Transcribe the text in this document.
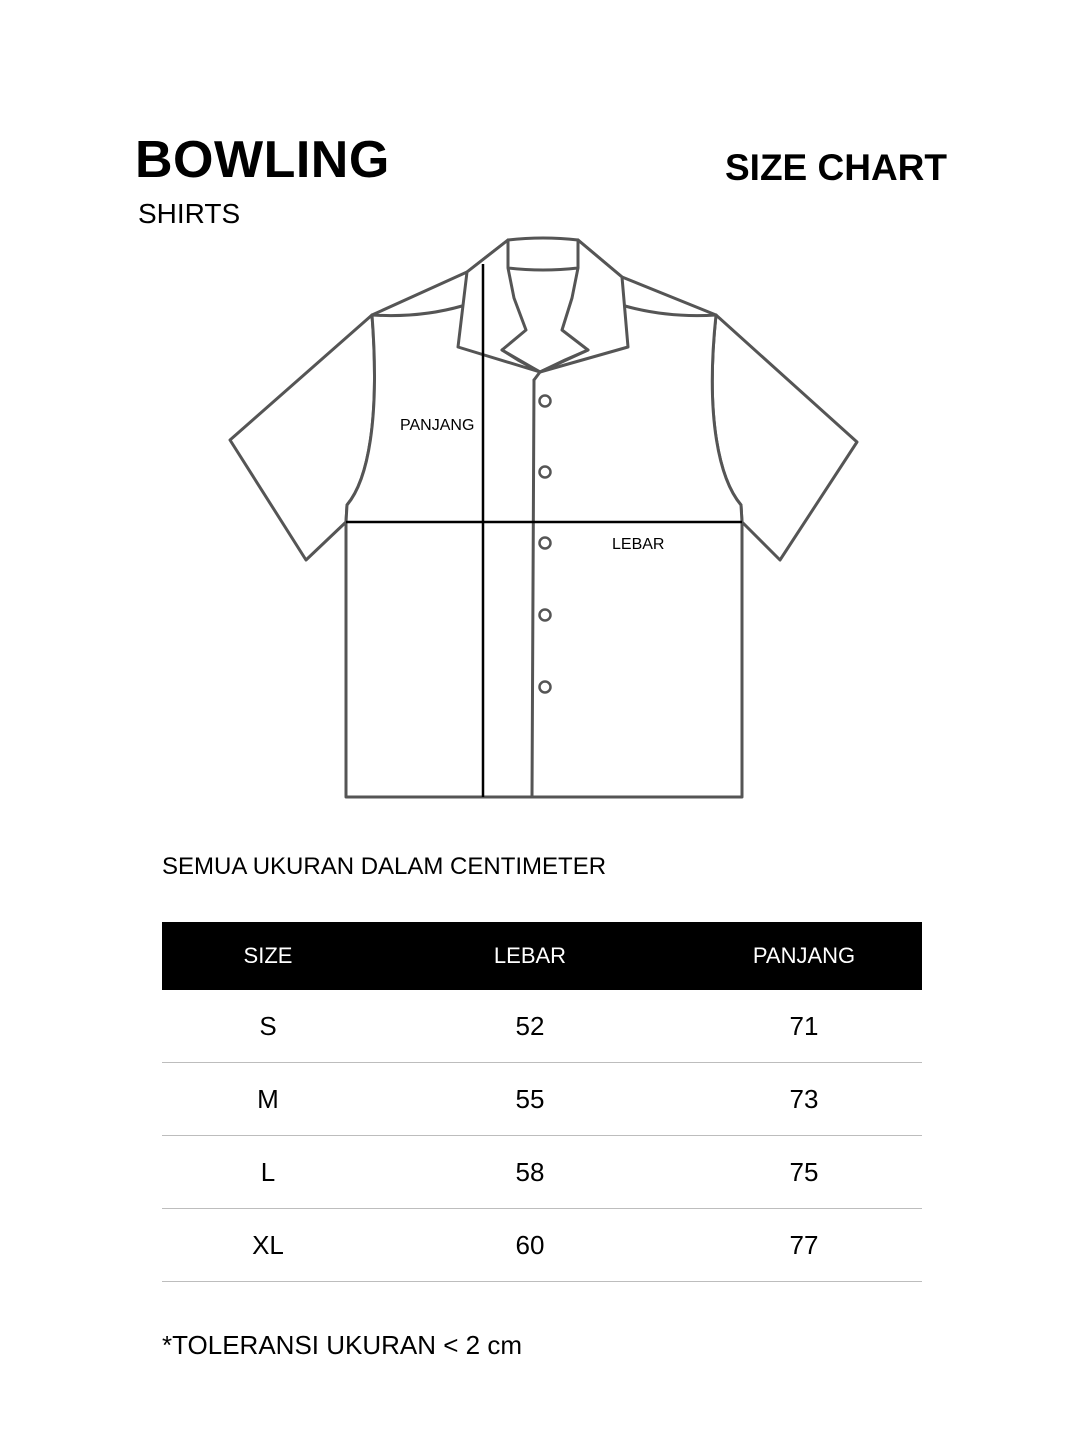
BOWLING
SHIRTS
SIZE CHART
PANJANG
LEBAR
SEMUA UKURAN DALAM CENTIMETER
SIZE	LEBAR	PANJANG
S	52	71
M	55	73
L	58	75
XL	60	77
*TOLERANSI UKURAN < 2 cm
